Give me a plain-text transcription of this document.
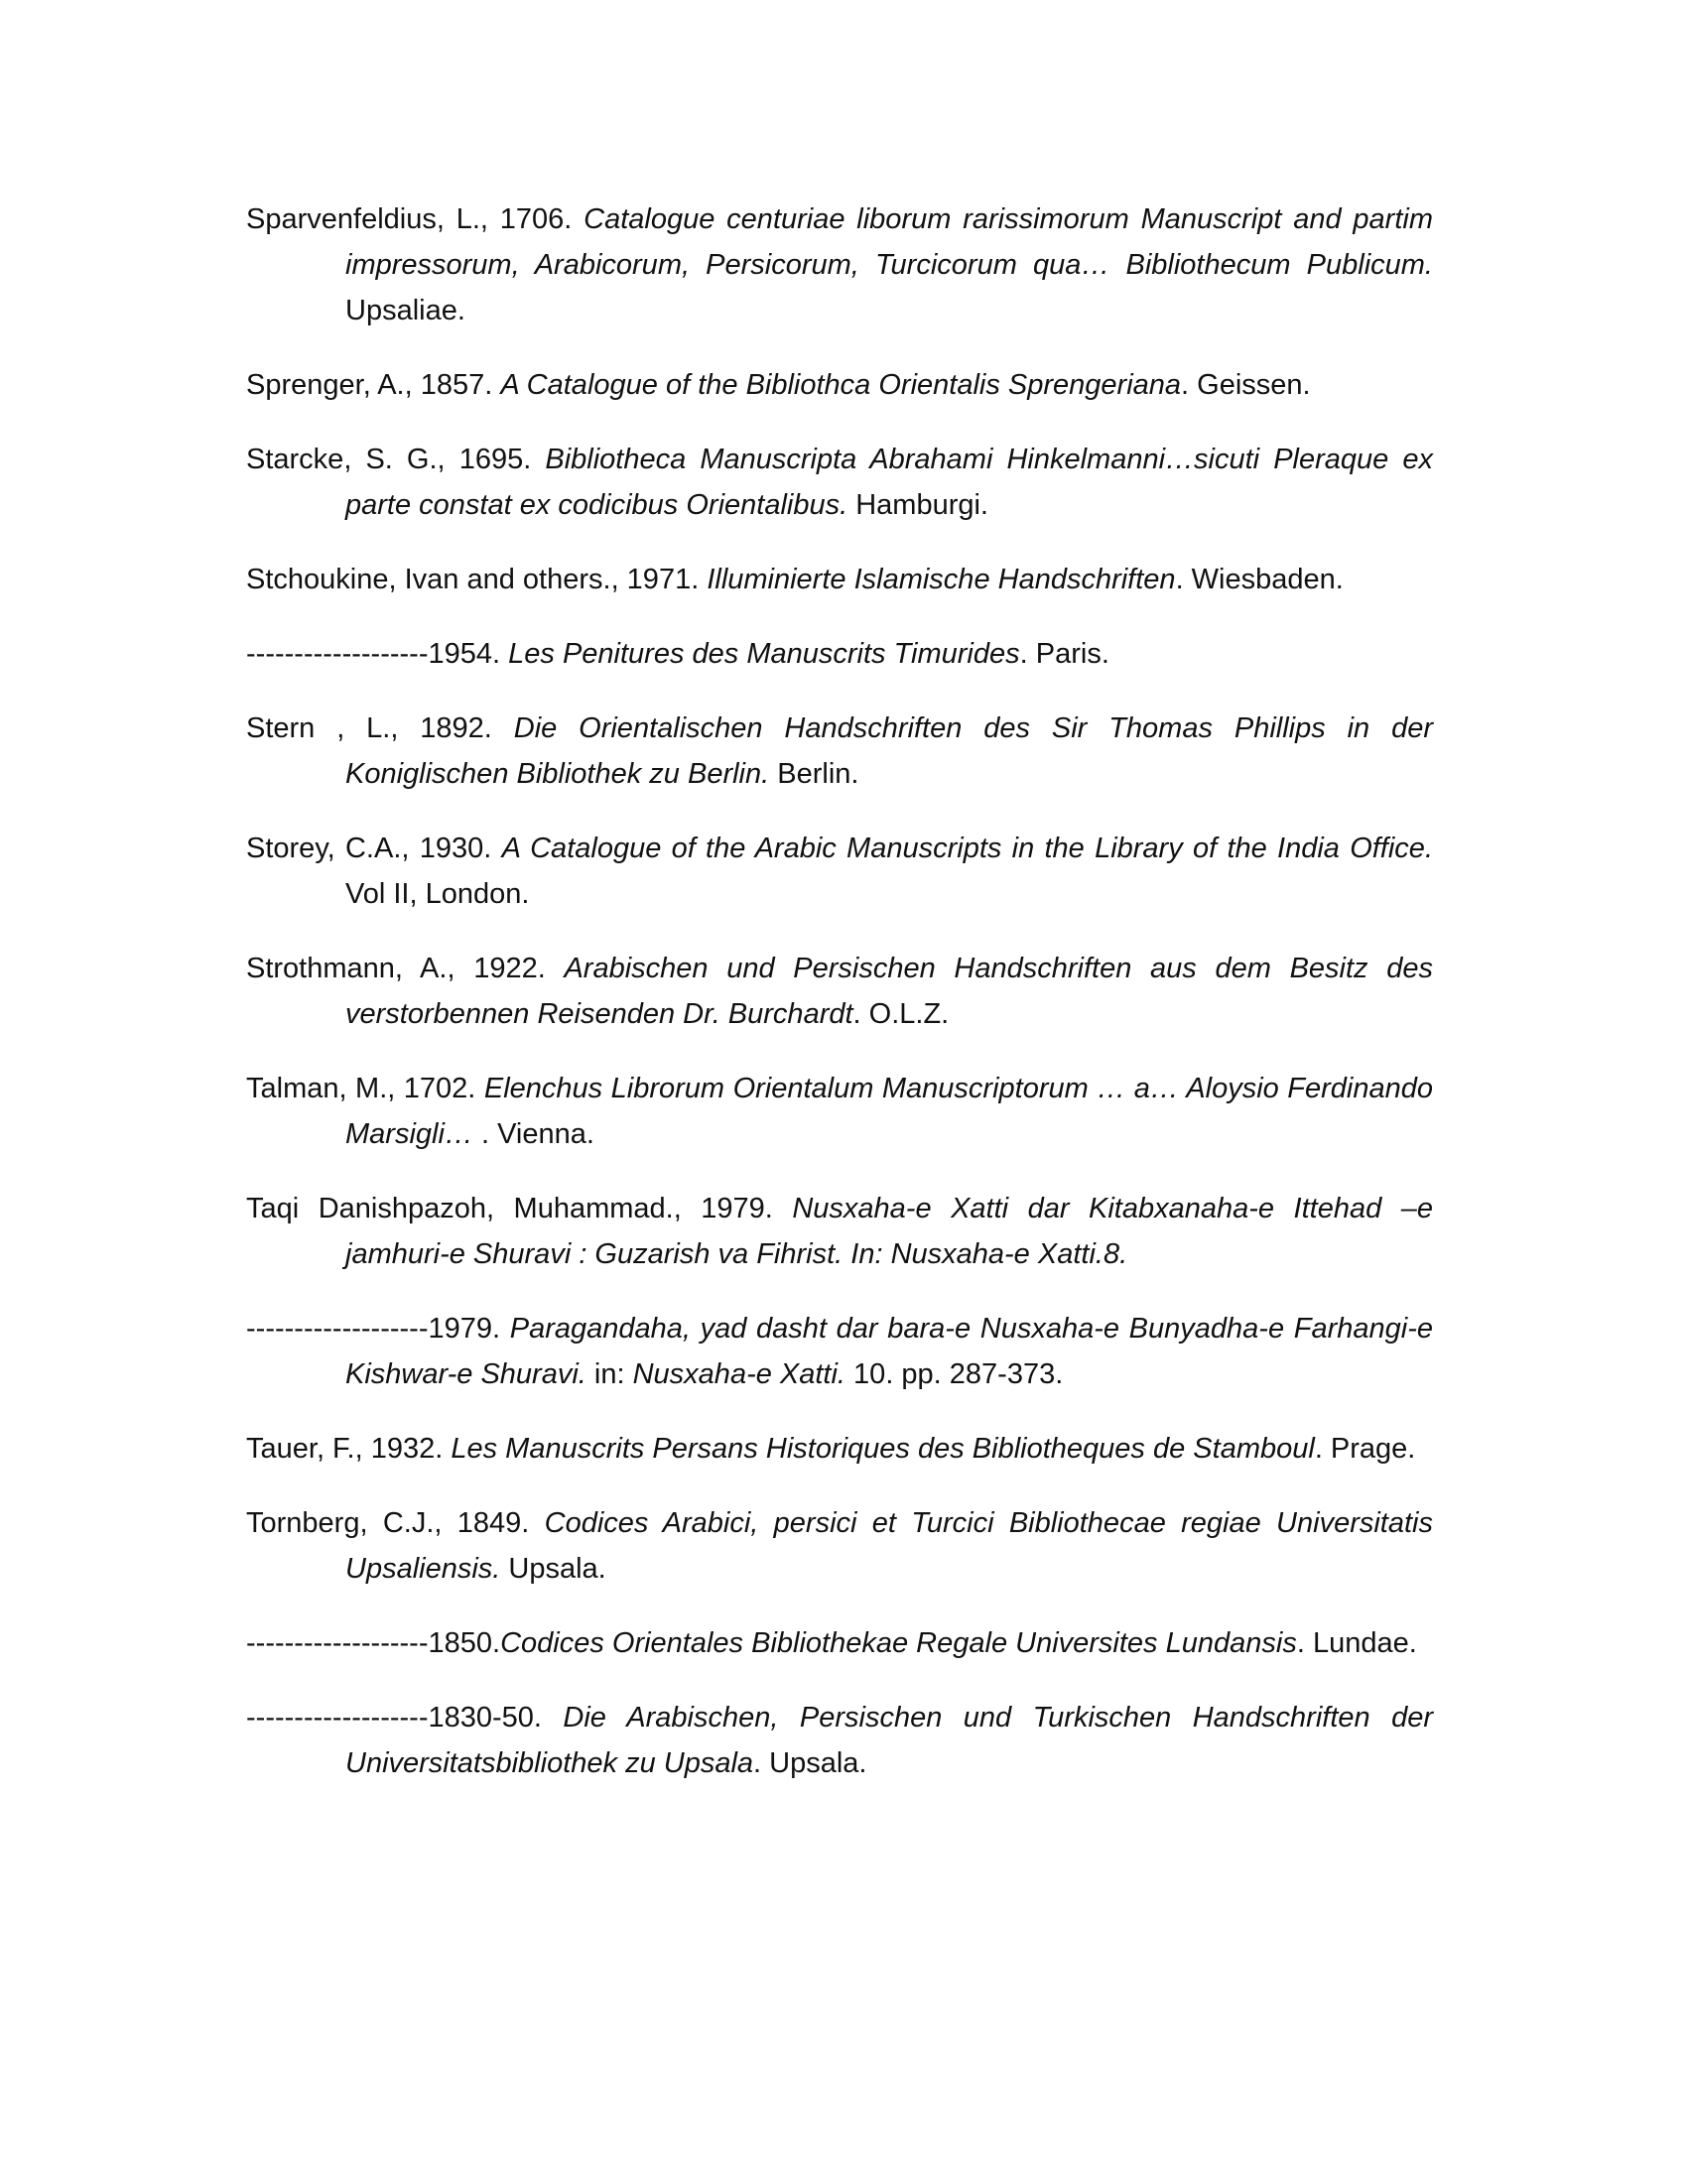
Sparvenfeldius, L., 1706. Catalogue centuriae liborum rarissimorum Manuscript and partim impressorum, Arabicorum, Persicorum, Turcicorum qua… Bibliothecum Publicum. Upsaliae.

Sprenger, A., 1857. A Catalogue of the Bibliothca Orientalis Sprengeriana. Geissen.

Starcke, S. G., 1695. Bibliotheca Manuscripta Abrahami Hinkelmanni…sicuti Pleraque ex parte constat ex codicibus Orientalibus. Hamburgi.

Stchoukine, Ivan and others., 1971. Illuminierte Islamische Handschriften. Wiesbaden.

-------------------1954. Les Penitures des Manuscrits Timurides. Paris.

Stern , L., 1892. Die Orientalischen Handschriften des Sir Thomas Phillips in der Koniglischen Bibliothek zu Berlin. Berlin.

Storey, C.A., 1930. A Catalogue of the Arabic Manuscripts in the Library of the India Office. Vol II, London.

Strothmann, A., 1922. Arabischen und Persischen Handschriften aus dem Besitz des verstorbennen Reisenden Dr. Burchardt. O.L.Z.

Talman, M., 1702. Elenchus Librorum Orientalum Manuscriptorum … a… Aloysio Ferdinando Marsigli… . Vienna.

Taqi Danishpazoh, Muhammad., 1979. Nusxaha-e Xatti dar Kitabxanaha-e Ittehad –e jamhuri-e Shuravi : Guzarish va Fihrist. In: Nusxaha-e Xatti.8.

-------------------1979. Paragandaha, yad dasht dar bara-e Nusxaha-e Bunyadha-e Farhangi-e Kishwar-e Shuravi. in: Nusxaha-e Xatti. 10. pp. 287-373.

Tauer, F., 1932. Les Manuscrits Persans Historiques des Bibliotheques de Stamboul. Prage.

Tornberg, C.J., 1849. Codices Arabici, persici et Turcici Bibliothecae regiae Universitatis Upsaliensis. Upsala.

-------------------1850.Codices Orientales Bibliothekae Regale Universites Lundansis. Lundae.

-------------------1830-50. Die Arabischen, Persischen und Turkischen Handschriften der Universitatsbibliothek zu Upsala. Upsala.
